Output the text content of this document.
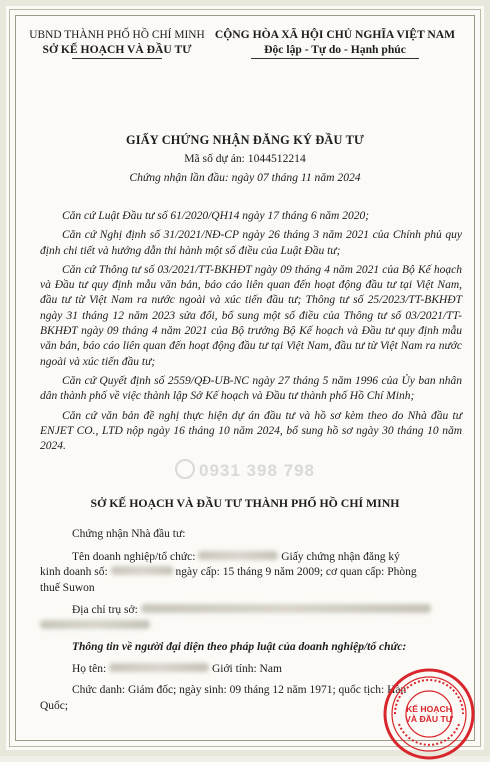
UBND THÀNH PHỐ HỒ CHÍ MINH
SỞ KẾ HOẠCH VÀ ĐẦU TƯ
CỘNG HÒA XÃ HỘI CHỦ NGHĨA VIỆT NAM
Độc lập - Tự do - Hạnh phúc
GIẤY CHỨNG NHẬN ĐĂNG KÝ ĐẦU TƯ
Mã số dự án: 1044512214
Chứng nhận lần đầu: ngày 07 tháng 11 năm 2024

Căn cứ Luật Đầu tư số 61/2020/QH14 ngày 17 tháng 6 năm 2020;

Căn cứ Nghị định số 31/2021/NĐ-CP ngày 26 tháng 3 năm 2021 của Chính phủ quy định chi tiết và hướng dẫn thi hành một số điều của Luật Đầu tư;

Căn cứ Thông tư số 03/2021/TT-BKHĐT ngày 09 tháng 4 năm 2021 của Bộ Kế hoạch và Đầu tư quy định mẫu văn bản, báo cáo liên quan đến hoạt động đầu tư tại Việt Nam, đầu tư từ Việt Nam ra nước ngoài và xúc tiến đầu tư; Thông tư số 25/2023/TT-BKHĐT ngày 31 tháng 12 năm 2023 sửa đổi, bổ sung một số điều của Thông tư số 03/2021/TT-BKHĐT ngày 09 tháng 4 năm 2021 của Bộ trưởng Bộ Kế hoạch và Đầu tư quy định mẫu văn bản, báo cáo liên quan đến hoạt động đầu tư tại Việt Nam, đầu tư từ Việt Nam ra nước ngoài và xúc tiến đầu tư;

Căn cứ Quyết định số 2559/QĐ-UB-NC ngày 27 tháng 5 năm 1996 của Ủy ban nhân dân thành phố về việc thành lập Sở Kế hoạch và Đầu tư thành phố Hồ Chí Minh;

Căn cứ văn bản đề nghị thực hiện dự án đầu tư và hồ sơ kèm theo do Nhà đầu tư ENJET CO., LTD nộp ngày 16 tháng 10 năm 2024, bổ sung hồ sơ ngày 30 tháng 10 năm 2024.

0931 398 798
SỞ KẾ HOẠCH VÀ ĐẦU TƯ THÀNH PHỐ HỒ CHÍ MINH

Chứng nhận Nhà đầu tư:

Tên doanh nghiệp/tổ chức:	Giấy chứng nhận đăng ký

kinh doanh số:	ngày cấp: 15 tháng 9 năm 2009; cơ quan cấp: Phòng

thuế Suwon

Địa chỉ trụ sở:

Thông tin về người đại diện theo pháp luật của doanh nghiệp/tổ chức:

Họ tên:	Giới tính: Nam

Chức danh: Giám đốc; ngày sinh: 09 tháng 12 năm 1971; quốc tịch: Hàn

Quốc;	KẾ HOẠCH
VÀ ĐẦU TƯ
